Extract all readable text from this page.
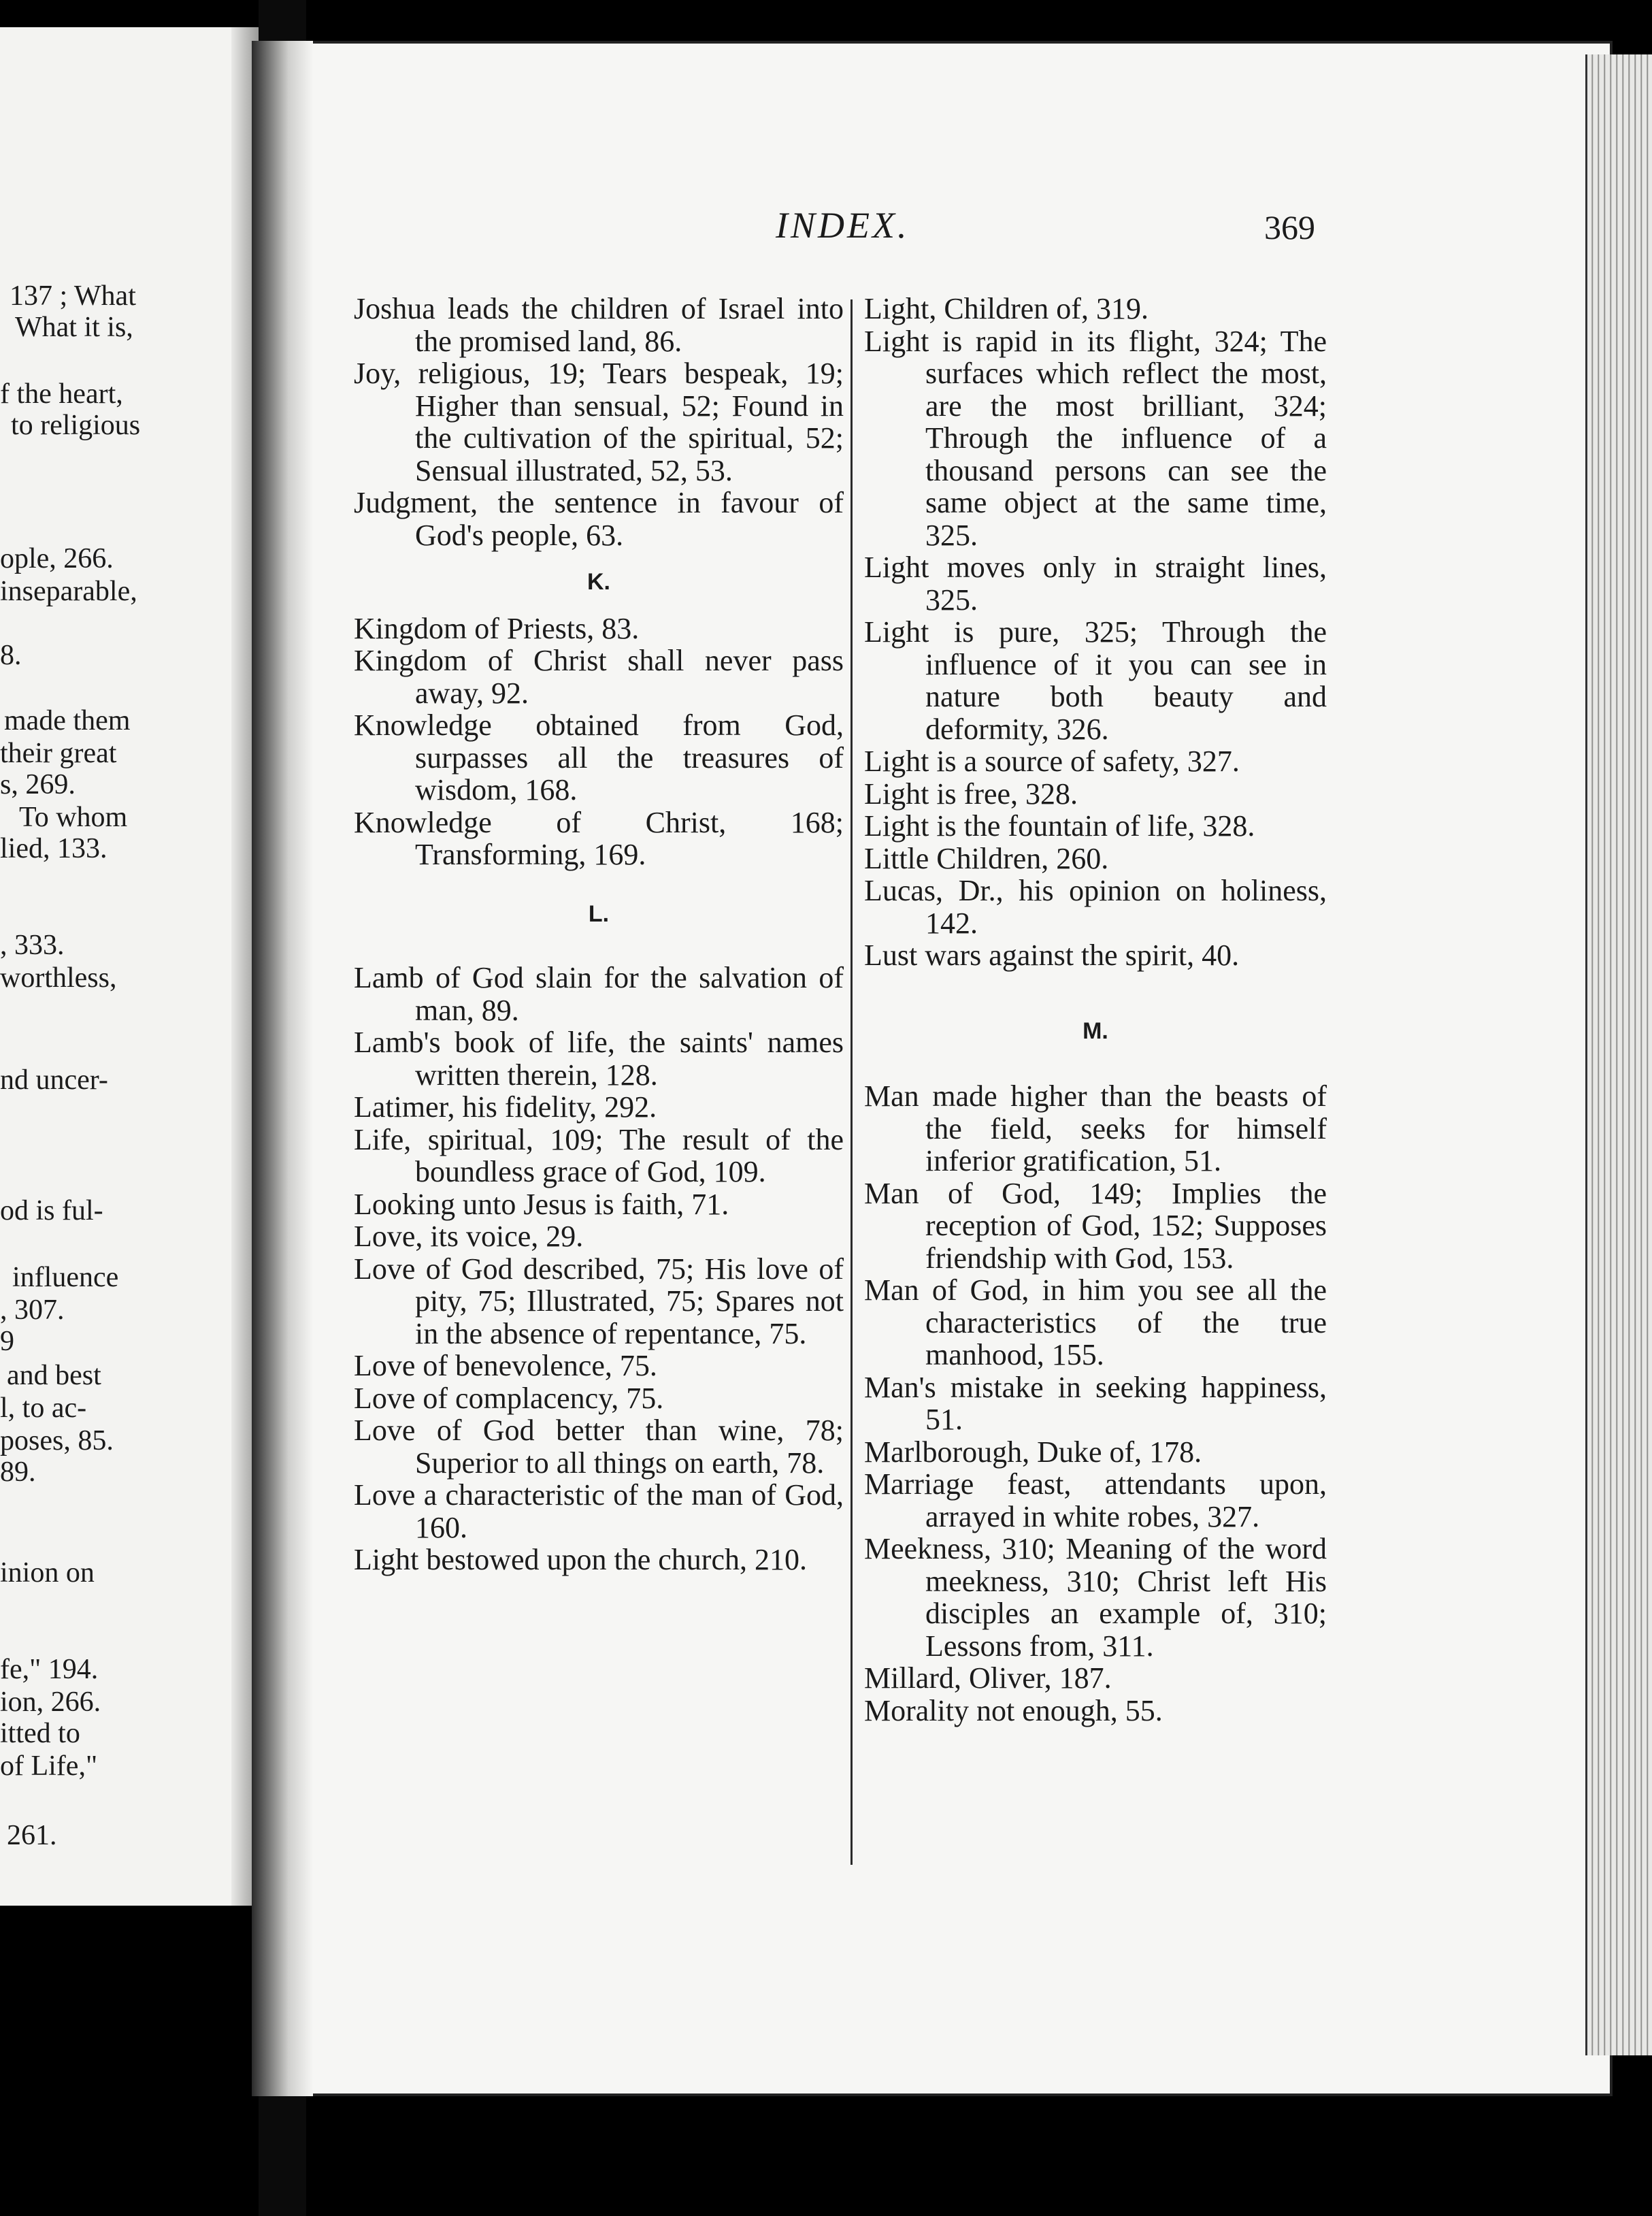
137 ; What
What it is,
f the heart,
to religious
ople, 266.
inseparable,
8.
made them
their great
s, 269.
To whom
lied, 133.
, 333.
worthless,
nd uncer-
od is ful-
influence
, 307.
9
and best
l, to ac-
poses, 85.
89.
inion on
fe," 194.
ion, 266.
itted to
of Life,"
261.
INDEX.	369

Joshua leads the children of Israel into the promised land, 86.

Joy, religious, 19; Tears bespeak, 19; Higher than sensual, 52; Found in the cultivation of the spiritual, 52; Sensual illustrated, 52, 53.

Judgment, the sentence in favour of God's people, 63.

K.

Kingdom of Priests, 83.

Kingdom of Christ shall never pass away, 92.

Knowledge obtained from God, surpasses all the treasures of wisdom, 168.

Knowledge of Christ, 168; Transforming, 169.

L.

Lamb of God slain for the salvation of man, 89.

Lamb's book of life, the saints' names written therein, 128.

Latimer, his fidelity, 292.

Life, spiritual, 109; The result of the boundless grace of God, 109.

Looking unto Jesus is faith, 71.

Love, its voice, 29.

Love of God described, 75; His love of pity, 75; Illustrated, 75; Spares not in the absence of repentance, 75.

Love of benevolence, 75.

Love of complacency, 75.

Love of God better than wine, 78; Superior to all things on earth, 78.

Love a characteristic of the man of God, 160.

Light bestowed upon the church, 210.

Light, Children of, 319.

Light is rapid in its flight, 324; The surfaces which reflect the most, are the most brilliant, 324; Through the influence of a thousand persons can see the same object at the same time, 325.

Light moves only in straight lines, 325.

Light is pure, 325; Through the influence of it you can see in nature both beauty and deformity, 326.

Light is a source of safety, 327.

Light is free, 328.

Light is the fountain of life, 328.

Little Children, 260.

Lucas, Dr., his opinion on holiness, 142.

Lust wars against the spirit, 40.

M.

Man made higher than the beasts of the field, seeks for himself inferior gratification, 51.

Man of God, 149; Implies the reception of God, 152; Supposes friendship with God, 153.

Man of God, in him you see all the characteristics of the true manhood, 155.

Man's mistake in seeking happiness, 51.

Marlborough, Duke of, 178.

Marriage feast, attendants upon, arrayed in white robes, 327.

Meekness, 310; Meaning of the word meekness, 310; Christ left His disciples an example of, 310; Lessons from, 311.

Millard, Oliver, 187.

Morality not enough, 55.
